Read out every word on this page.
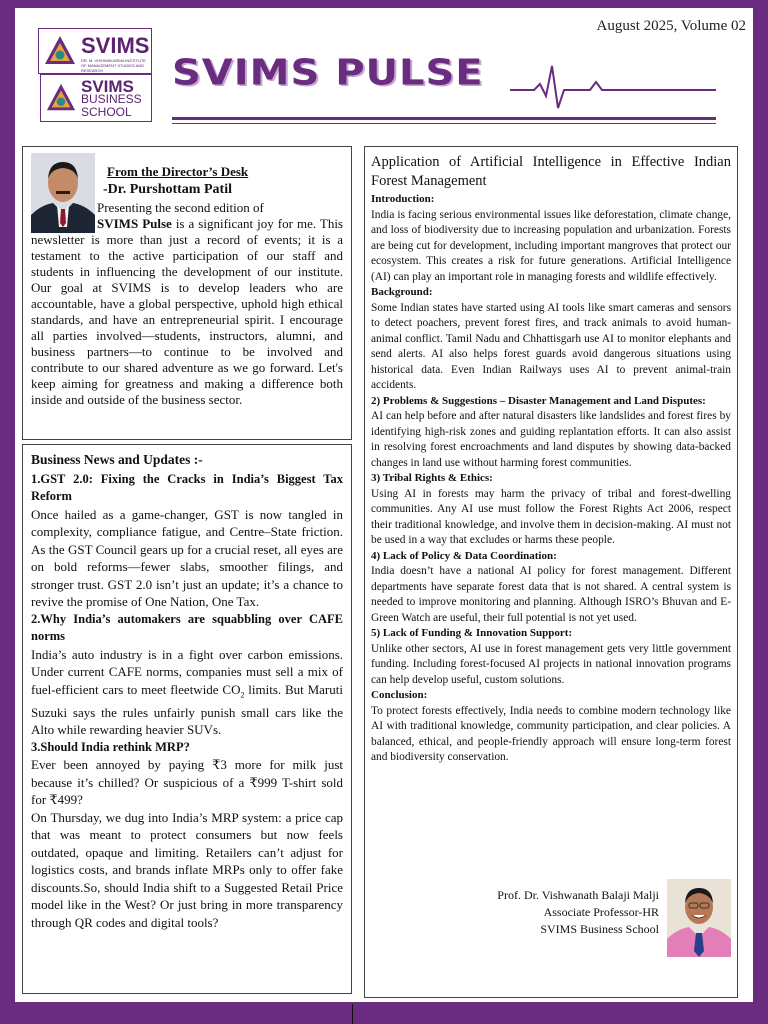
SVIMS
DR. M. VISHWAKARMA INSTITUTE OF MANAGEMENT STUDIES AND RESEARCH
SVIMS
BUSINESS
SCHOOL
August 2025, Volume 02
SVIMS PULSE
From the Director’s Desk
-Dr. Purshottam Patil

Presenting the second edition of
SVIMS Pulse is a significant joy for me. This newsletter is more than just a record of events; it is a testament to the active participation of our staff and students in influencing the development of our institute. Our goal at SVIMS is to develop leaders who are accountable, have a global perspective, uphold high ethical standards, and have an entrepreneurial spirit. I encourage all parties involved—students, instructors, alumni, and business partners—to continue to be involved and contribute to our shared adventure as we go forward. Let's keep aiming for greatness and making a difference both inside and outside of the business sector.

Business News and Updates :-
1.GST 2.0: Fixing the Cracks in India’s Biggest Tax Reform

Once hailed as a game-changer, GST is now tangled in complexity, compliance fatigue, and Centre–State friction. As the GST Council gears up for a crucial reset, all eyes are on bold reforms—fewer slabs, smoother filings, and stronger trust. GST 2.0 isn’t just an update; it’s a chance to revive the promise of One Nation, One Tax.

2.Why India’s automakers are squabbling over CAFE norms

India’s auto industry is in a fight over carbon emissions. Under current CAFE norms, companies must sell a mix of fuel-efficient cars to meet fleetwide $CO_2$ limits. But Maruti Suzuki says the rules unfairly punish small cars like the Alto while rewarding heavier SUVs.

3.Should India rethink MRP?

Ever been annoyed by paying ₹3 more for milk just because it’s chilled? Or suspicious of a ₹999 T-shirt sold for ₹499?

On Thursday, we dug into India’s MRP system: a price cap that was meant to protect consumers but now feels outdated, opaque and limiting. Retailers can’t adjust for logistics costs, and brands inflate MRPs only to offer fake discounts.So, should India shift to a Suggested Retail Price model like in the West? Or just bring in more transparency through QR codes and digital tools?

Application of Artificial Intelligence in Effective Indian Forest Management
Introduction:

India is facing serious environmental issues like deforestation, climate change, and loss of biodiversity due to increasing population and urbanization. Forests are being cut for development, including important mangroves that protect our ecosystem. This creates a risk for future generations. Artificial Intelligence (AI) can play an important role in managing forests and wildlife effectively.

Background:

Some Indian states have started using AI tools like smart cameras and sensors to detect poachers, prevent forest fires, and track animals to avoid human-animal conflict. Tamil Nadu and Chhattisgarh use AI to monitor elephants and send alerts. AI also helps forest guards avoid dangerous situations using historical data. Even Indian Railways uses AI to prevent animal-train accidents.

2) Problems & Suggestions – Disaster Management and Land Disputes:

AI can help before and after natural disasters like landslides and forest fires by identifying high-risk zones and guiding replantation efforts. It can also assist in resolving forest encroachments and land disputes by showing data-backed changes in land use without harming forest communities.

3) Tribal Rights & Ethics:

Using AI in forests may harm the privacy of tribal and forest-dwelling communities. Any AI use must follow the Forest Rights Act 2006, respect their traditional knowledge, and involve them in decision-making. AI must not be used in a way that excludes or harms these people.

4) Lack of Policy & Data Coordination:

India doesn’t have a national AI policy for forest management. Different departments have separate forest data that is not shared. A central system is needed to improve monitoring and planning. Although ISRO’s Bhuvan and E-Green Watch are useful, their full potential is not yet used.

5) Lack of Funding & Innovation Support:

Unlike other sectors, AI use in forest management gets very little government funding. Including forest-focused AI projects in national innovation programs can help develop useful, custom solutions.

Conclusion:

To protect forests effectively, India needs to combine modern technology like AI with traditional knowledge, community participation, and clear policies. A balanced, ethical, and people-friendly approach will ensure long-term forest and biodiversity conservation.

Prof. Dr. Vishwanath Balaji Malji
Associate Professor-HR
SVIMS Business School
